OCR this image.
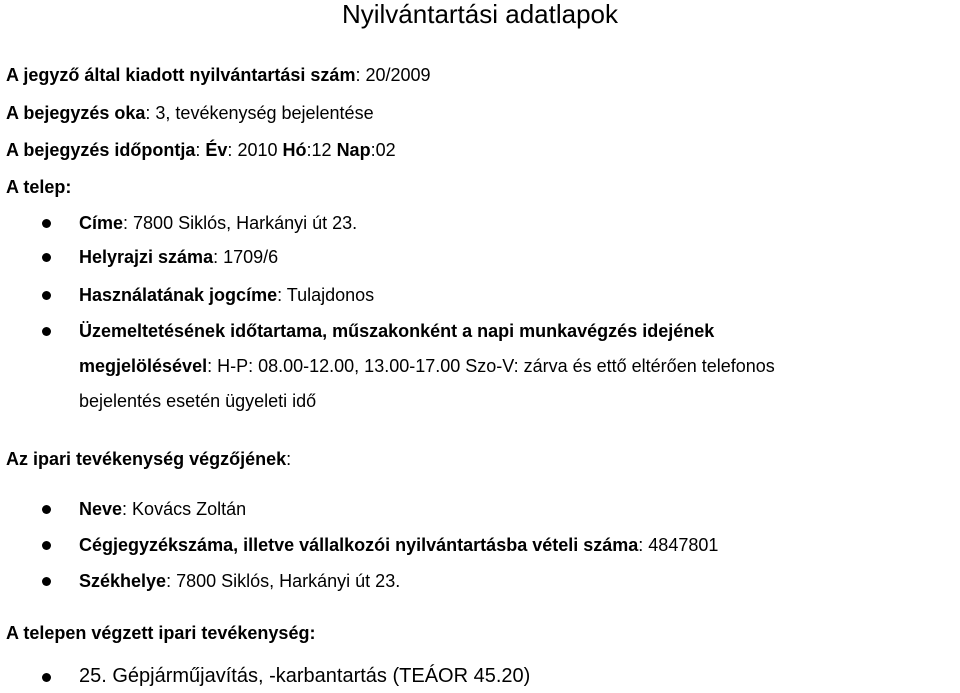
Nyilvántartási adatlapok
A jegyző által kiadott nyilvántartási szám: 20/2009
A bejegyzés oka: 3, tevékenység bejelentése
A bejegyzés időpontja: Év: 2010 Hó:12 Nap:02
A telep:
Címe: 7800 Siklós, Harkányi út 23.
Helyrajzi száma: 1709/6
Használatának jogcíme: Tulajdonos
Üzemeltetésének időtartama, műszakonként a napi munkavégzés idejének
megjelölésével: H-P: 08.00-12.00, 13.00-17.00 Szo-V: zárva és ettő eltérően telefonos
bejelentés esetén ügyeleti idő
Az ipari tevékenység végzőjének:
Neve: Kovács Zoltán
Cégjegyzékszáma, illetve vállalkozói nyilvántartásba vételi száma: 4847801
Székhelye: 7800 Siklós, Harkányi út 23.
A telepen végzett ipari tevékenység:
25. Gépjárműjavítás, -karbantartás (TEÁOR 45.20)
